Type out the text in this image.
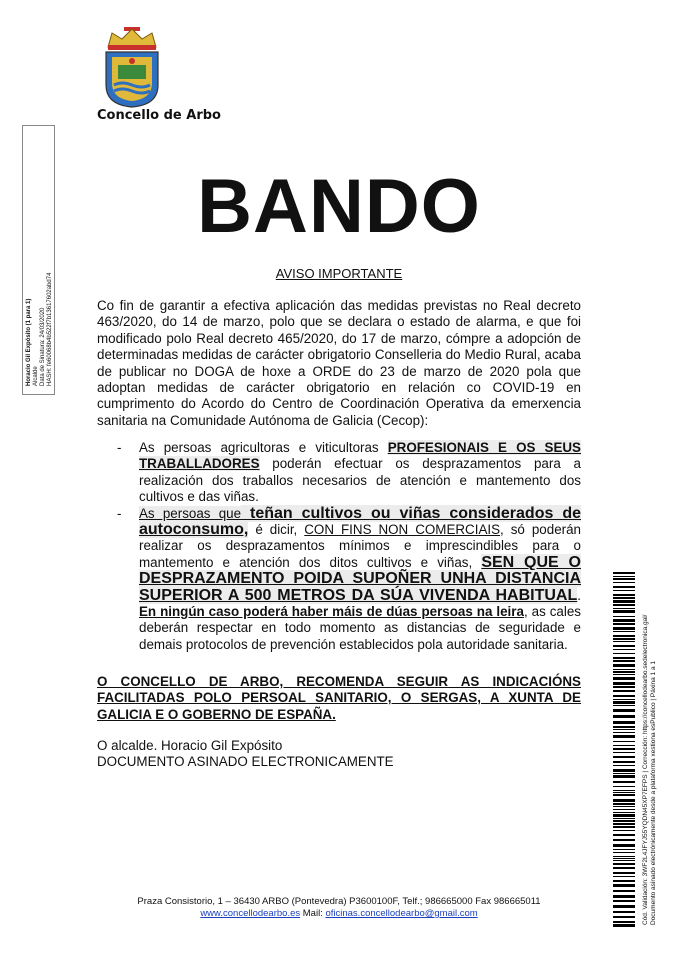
Concello de Arbo
Horacio Gil Expósito (1 para 1) Alcalde Data de Sinatura: 24/03/2020 HASH: fe60068b4b522f7b13617602abd74
BANDO
AVISO IMPORTANTE
Co fin de garantir a efectiva aplicación das medidas previstas no Real decreto 463/2020, do 14 de marzo, polo que se declara o estado de alarma, e que foi modificado polo Real decreto 465/2020, do 17 de marzo, cómpre a adopción de determinadas medidas de carácter obrigatorio Conselleria do Medio Rural, acaba de publicar no DOGA de hoxe a ORDE do 23 de marzo de 2020 pola que adoptan medidas de carácter obrigatorio en relación co COVID-19 en cumprimento do Acordo do Centro de Coordinación Operativa da emerxencia sanitaria na Comunidade Autónoma de Galicia (Cecop):
- As persoas agricultoras e viticultoras PROFESIONAIS E OS SEUS TRABALLADORES poderán efectuar os desprazamentos para a realización dos traballos necesarios de atención e mantemento dos cultivos e das viñas.
- As persoas que teñan cultivos ou viñas considerados de autoconsumo, é dicir, CON FINS NON COMERCIAIS, só poderán realizar os desprazamentos mínimos e imprescindibles para o mantemento e atención dos ditos cultivos e viñas, SEN QUE O DESPRAZAMENTO POIDA SUPOÑER UNHA DISTANCIA SUPERIOR A 500 METROS DA SÚA VIVENDA HABITUAL. En ningún caso poderá haber máis de dúas persoas na leira, as cales deberán respectar en todo momento as distancias de seguridade e demais protocolos de prevención establecidos pola autoridade sanitaria.
O CONCELLO DE ARBO, RECOMENDA SEGUIR AS INDICACIÓNS FACILITADAS POLO PERSOAL SANITARIO, O SERGAS, A XUNTA DE GALICIA E O GOBERNO DE ESPAÑA.
O alcalde. Horacio Gil Expósito
DOCUMENTO ASINADO ELECTRONICAMENTE
Praza Consistorio, 1 – 36430 ARBO (Pontevedra) P3600100F, Telf.; 986665000 Fax 986665011
www.concellodearbo.es Mail: oficinas.concellodearbo@gmail.com	Cód. Validación: 3WF2L4JFYJ55YQDN45XP7EFPS | Corrección: https://concellodearbo.sedelectronica.gal/ Documento asinado electrónicamente desde a plataforma xestiona esPublico | Páxina 1 a 1
